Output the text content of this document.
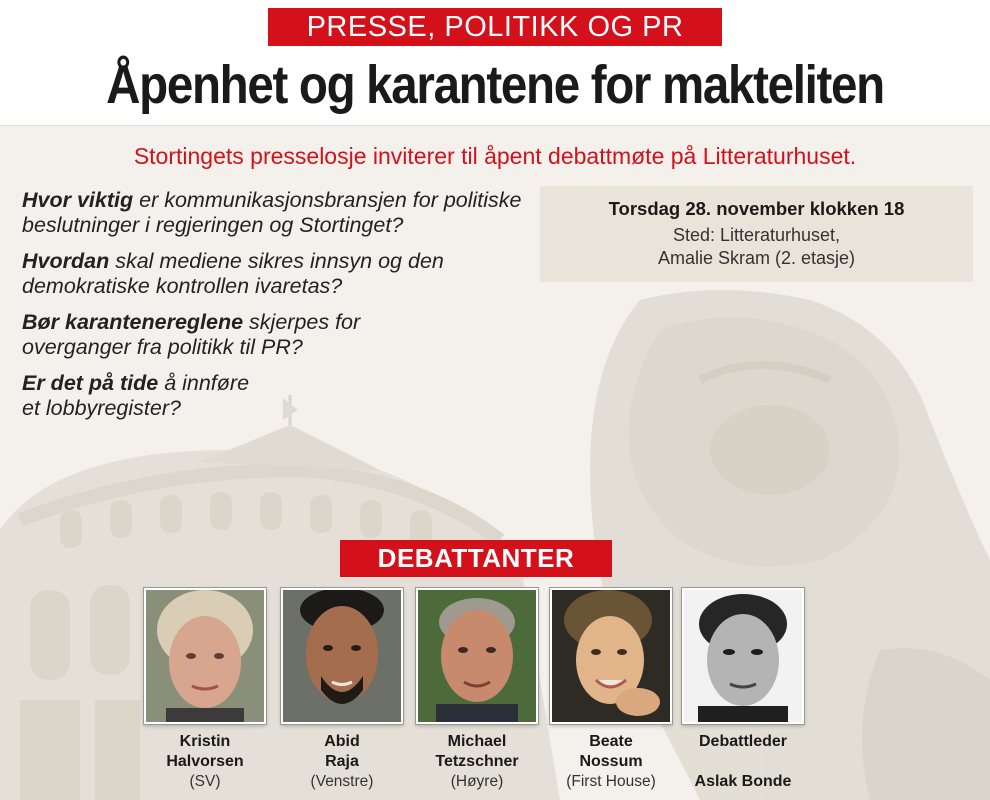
PRESSE, POLITIKK OG PR
Åpenhet og karantene for makteliten
Stortingets presselosje inviterer til åpent debattmøte på Litteraturhuset.
Hvor viktig er kommunikasjonsbransjen for politiske beslutninger i regjeringen og Stortinget?
Hvordan skal mediene sikres innsyn og den demokratiske kontrollen ivaretas?
Bør karantenereglene skjerpes for overganger fra politikk til PR?
Er det på tide å innføre et lobbyregister?
Torsdag 28. november klokken 18
Sted: Litteraturhuset,
Amalie Skram (2. etasje)
DEBATTANTER
Kristin
Halvorsen
(SV)
Abid
Raja
(Venstre)
Michael
Tetzschner
(Høyre)
Beate
Nossum
(First House)
Debattleder
Aslak Bonde
